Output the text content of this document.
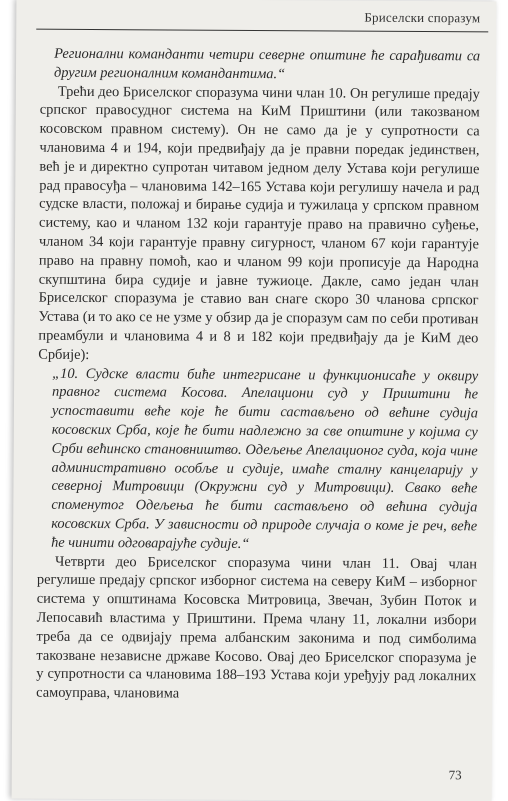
Бриселски споразум

Регионални команданти четири северне општине ће сарађивати са другим регионалним командантима.“

Трећи део Бриселског споразума чини члан 10. Он регулише предају српског правосудног система на КиМ Приштини (или такозваном косовском правном систему). Он не само да је у супротности са члановима 4 и 194, који предвиђају да је правни поредак јединствен, већ је и директно супротан читавом једном делу Устава који регулише рад правосуђа – члановима 142–165 Устава који регулишу начела и рад судске власти, положај и бирање судија и тужилаца у српском правном систему, као и чланом 132 који гарантује право на правично суђење, чланом 34 који гарантује правну сигурност, чланом 67 који гарантује право на правну помоћ, као и чланом 99 који прописује да Народна скупштина бира судије и јавне тужиоце. Дакле, само један члан Бриселског споразума је ставио ван снаге скоро 30 чланова српског Устава (и то ако се не узме у обзир да је споразум сам по себи противан преамбули и члановима 4 и 8 и 182 који предвиђају да је КиМ део Србије):

„10. Судске власти биће интегрисане и функционисаће у оквиру правног система Косова. Апелациони суд у Приштини ће успоставити веће које ће бити састављено од већине судија косовских Срба, које ће бити надлежно за све општине у којима су Срби већинско становништво. Одељење Апелационог суда, која чине административно особље и судије, имаће сталну канцеларију у северној Митровици (Окружни суд у Митровици). Свако веће споменутог Одељења ће бити састављено од већина судија косовских Срба. У зависности од природе случаја о коме је реч, веће ће чинити одговарајуће судије.“

Четврти део Бриселског споразума чини члан 11. Овај члан регулише предају српског изборног система на северу КиМ – изборног система у општинама Косовска Митровица, Звечан, Зубин Поток и Лепосавић властима у Приштини. Према члану 11, локални избори треба да се одвијају према албанским законима и под симболима такозване независне државе Косово. Овај део Бриселског споразума је у супротности са члановима 188–193 Устава који уређују рад локалних самоуправа, члановима

73
